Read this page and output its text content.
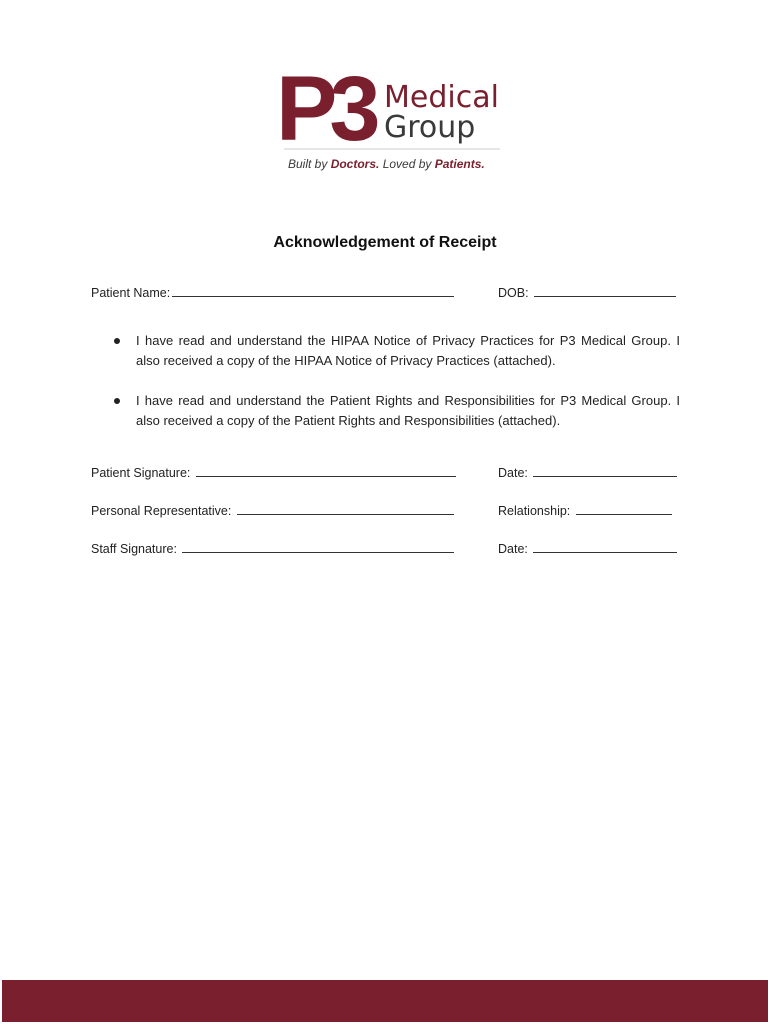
P3 Medical
Group
Built by Doctors. Loved by Patients.
Acknowledgement of Receipt
Patient Name:	DOB:
I have read and understand the HIPAA Notice of Privacy Practices for P3 Medical Group. I also received a copy of the HIPAA Notice of Privacy Practices (attached).
I have read and understand the Patient Rights and Responsibilities for P3 Medical Group. I also received a copy of the Patient Rights and Responsibilities (attached).
Patient Signature:	Date:
Personal Representative:	Relationship:
Staff Signature:	Date:
